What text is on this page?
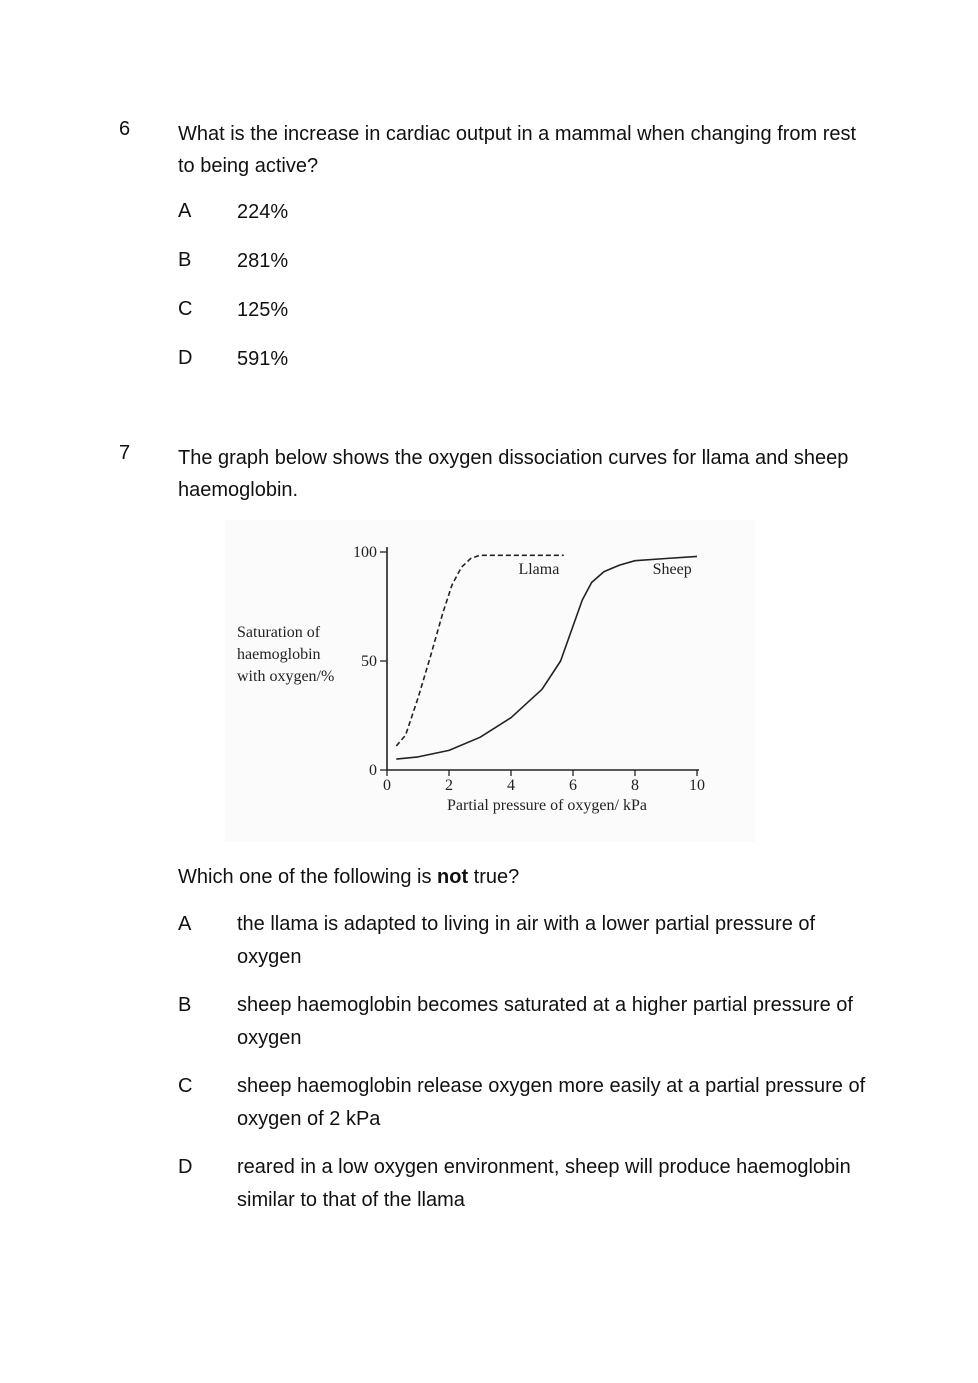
6 What is the increase in cardiac output in a mammal when changing from rest to being active?
A 224%
B 281%
C 125%
D 591%
7 The graph below shows the oxygen dissociation curves for llama and sheep haemoglobin.
0
50
100
0	2	4	6	8	10
Partial pressure of oxygen/ kPa
Saturation of
haemoglobin
with oxygen/%
Llama	Sheep
Which one of the following is not true?
A the llama is adapted to living in air with a lower partial pressure of oxygen
B sheep haemoglobin becomes saturated at a higher partial pressure of oxygen
C sheep haemoglobin release oxygen more easily at a partial pressure of oxygen of 2 kPa
D reared in a low oxygen environment, sheep will produce haemoglobin similar to that of the llama
